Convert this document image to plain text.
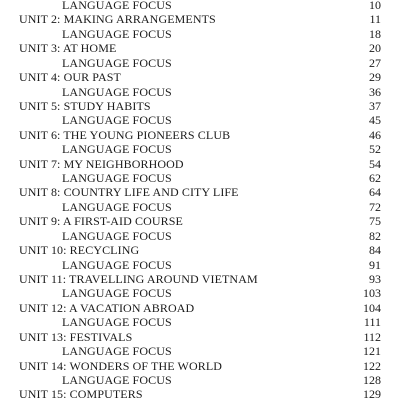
LANGUAGE FOCUS	10
UNIT 2: MAKING ARRANGEMENTS	11
LANGUAGE FOCUS	18
UNIT 3: AT HOME	20
LANGUAGE FOCUS	27
UNIT 4: OUR PAST	29
LANGUAGE FOCUS	36
UNIT 5: STUDY HABITS	37
LANGUAGE FOCUS	45
UNIT 6: THE YOUNG PIONEERS CLUB	46
LANGUAGE FOCUS	52
UNIT 7: MY NEIGHBORHOOD	54
LANGUAGE FOCUS	62
UNIT 8: COUNTRY LIFE AND CITY LIFE	64
LANGUAGE FOCUS	72
UNIT 9: A FIRST-AID COURSE	75
LANGUAGE FOCUS	82
UNIT 10: RECYCLING	84
LANGUAGE FOCUS	91
UNIT 11: TRAVELLING AROUND VIETNAM	93
LANGUAGE FOCUS	103
UNIT 12: A VACATION ABROAD	104
LANGUAGE FOCUS	111
UNIT 13: FESTIVALS	112
LANGUAGE FOCUS	121
UNIT 14: WONDERS OF THE WORLD	122
LANGUAGE FOCUS	128
UNIT 15: COMPUTERS	129
